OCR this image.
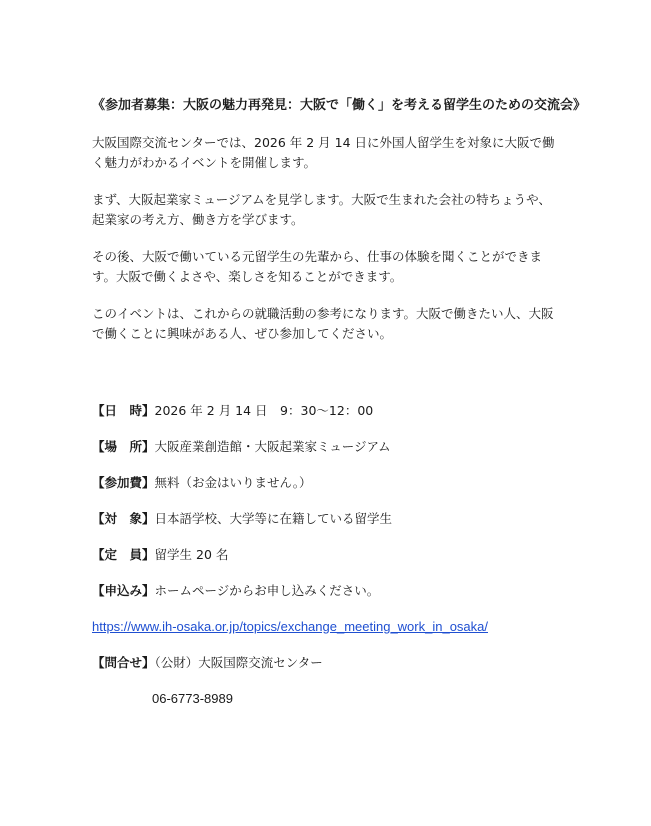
《参加者募集：大阪の魅力再発見：大阪で「働く」を考える留学生のための交流会》
大阪国際交流センターでは、2026 年 2 月 14 日に外国人留学生を対象に大阪で働く魅力がわかるイベントを開催します。
まず、大阪起業家ミュージアムを見学します。大阪で生まれた会社の特ちょうや、起業家の考え方、働き方を学びます。
その後、大阪で働いている元留学生の先輩から、仕事の体験を聞くことができます。大阪で働くよさや、楽しさを知ることができます。
このイベントは、これからの就職活動の参考になります。大阪で働きたい人、大阪で働くことに興味がある人、ぜひ参加してください。
【日　時】2026 年 2 月 14 日　9：30～12：00
【場　所】大阪産業創造館・大阪起業家ミュージアム
【参加費】無料（お金はいりません。）
【対　象】日本語学校、大学等に在籍している留学生
【定　員】留学生 20 名
【申込み】ホームページからお申し込みください。
https://www.ih-osaka.or.jp/topics/exchange_meeting_work_in_osaka/
【問合せ】（公財）大阪国際交流センター
06-6773-8989
